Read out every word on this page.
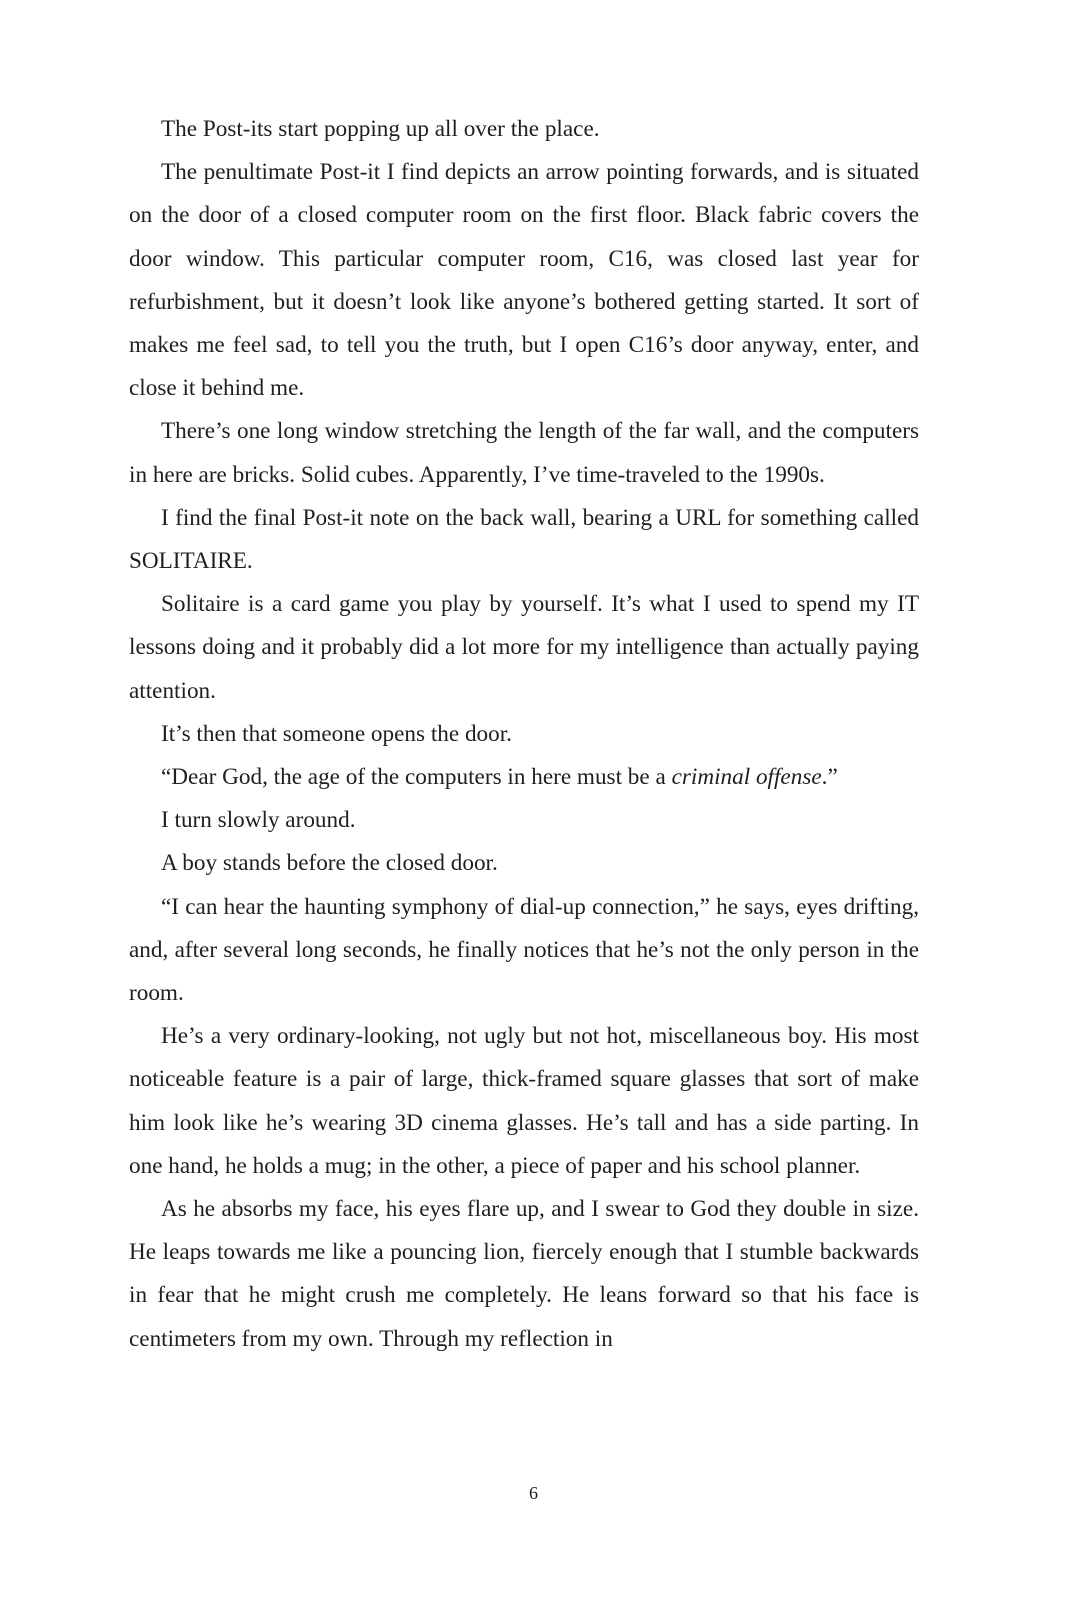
The Post-its start popping up all over the place.

The penultimate Post-it I find depicts an arrow pointing forwards, and is situated on the door of a closed computer room on the first floor. Black fabric covers the door window. This particular computer room, C16, was closed last year for refurbishment, but it doesn’t look like anyone’s bothered getting started. It sort of makes me feel sad, to tell you the truth, but I open C16’s door anyway, enter, and close it behind me.

There’s one long window stretching the length of the far wall, and the computers in here are bricks. Solid cubes. Apparently, I’ve time-traveled to the 1990s.

I find the final Post-it note on the back wall, bearing a URL for something called SOLITAIRE.

Solitaire is a card game you play by yourself. It’s what I used to spend my IT lessons doing and it probably did a lot more for my intelligence than actually paying attention.

It’s then that someone opens the door.

“Dear God, the age of the computers in here must be a criminal offense.”

I turn slowly around.

A boy stands before the closed door.

“I can hear the haunting symphony of dial-up connection,” he says, eyes drifting, and, after several long seconds, he finally notices that he’s not the only person in the room.

He’s a very ordinary-looking, not ugly but not hot, miscellaneous boy. His most noticeable feature is a pair of large, thick-framed square glasses that sort of make him look like he’s wearing 3D cinema glasses. He’s tall and has a side parting. In one hand, he holds a mug; in the other, a piece of paper and his school planner.

As he absorbs my face, his eyes flare up, and I swear to God they double in size. He leaps towards me like a pouncing lion, fiercely enough that I stumble backwards in fear that he might crush me completely. He leans forward so that his face is centimeters from my own. Through my reflection in

6
